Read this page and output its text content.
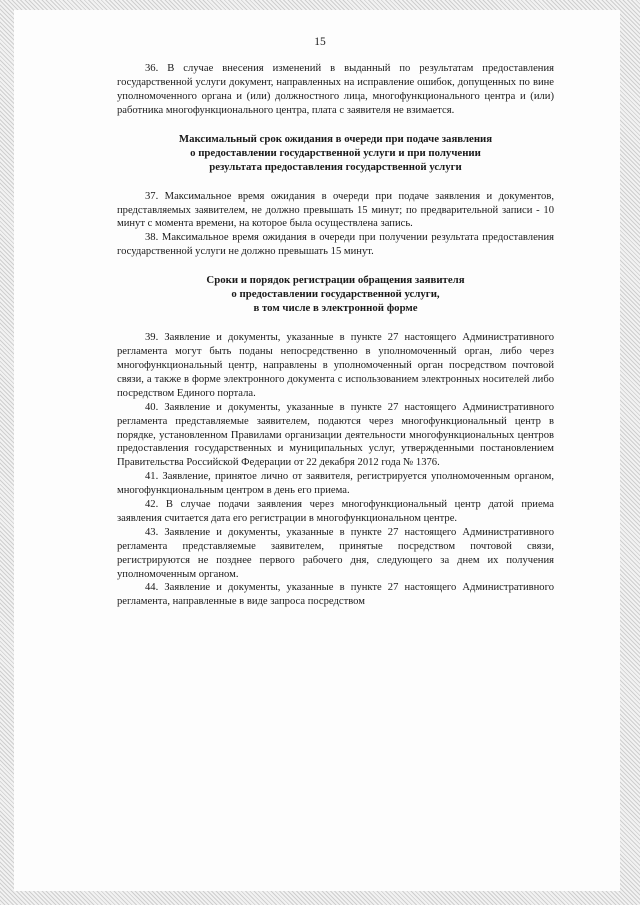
15

36. В случае внесения изменений в выданный по результатам предоставления государственной услуги документ, направленных на исправление ошибок, допущенных по вине уполномоченного органа и (или) должностного лица, многофункционального центра и (или) работника многофункционального центра, плата с заявителя не взимается.

Максимальный срок ожидания в очереди при подаче заявления
о предоставлении государственной услуги и при получении
результата предоставления государственной услуги

37. Максимальное время ожидания в очереди при подаче заявления и документов, представляемых заявителем, не должно превышать 15 минут; по предварительной записи - 10 минут с момента времени, на которое была осуществлена запись.

38. Максимальное время ожидания в очереди при получении результата предоставления государственной услуги не должно превышать 15 минут.

Сроки и порядок регистрации обращения заявителя
о предоставлении государственной услуги,
в том числе в электронной форме

39. Заявление и документы, указанные в пункте 27 настоящего Административного регламента могут быть поданы непосредственно в уполномоченный орган, либо через многофункциональный центр, направлены в уполномоченный орган посредством почтовой связи, а также в форме электронного документа с использованием электронных носителей либо посредством Единого портала.

40. Заявление и документы, указанные в пункте 27 настоящего Административного регламента представляемые заявителем, подаются через многофункциональный центр в порядке, установленном Правилами организации деятельности многофункциональных центров предоставления государственных и муниципальных услуг, утвержденными постановлением Правительства Российской Федерации от 22 декабря 2012 года № 1376.

41. Заявление, принятое лично от заявителя, регистрируется уполномоченным органом, многофункциональным центром в день его приема.

42. В случае подачи заявления через многофункциональный центр датой приема заявления считается дата его регистрации в многофункциональном центре.

43. Заявление и документы, указанные в пункте 27 настоящего Административного регламента представляемые заявителем, принятые посредством почтовой связи, регистрируются не позднее первого рабочего дня, следующего за днем их получения уполномоченным органом.

44. Заявление и документы, указанные в пункте 27 настоящего Административного регламента, направленные в виде запроса посредством
